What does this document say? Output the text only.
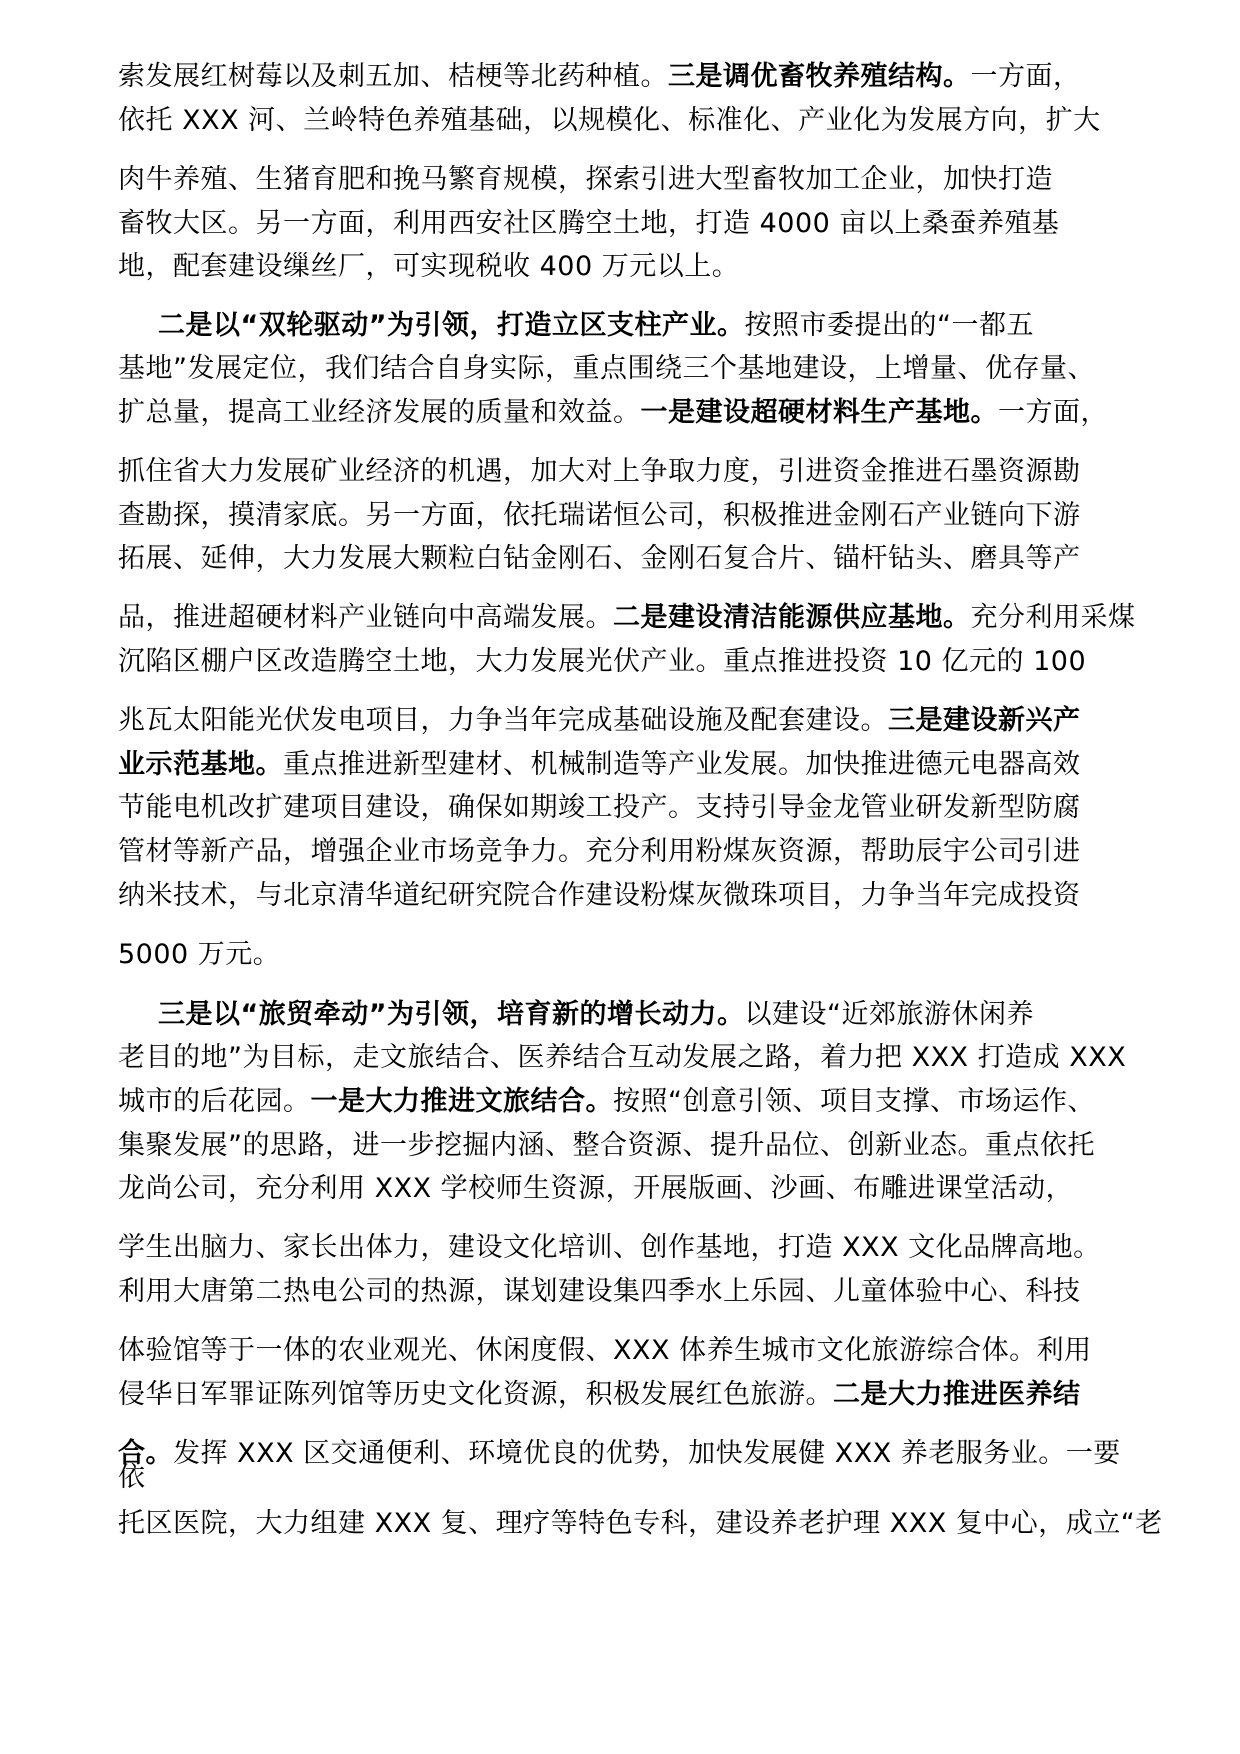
索发展红树莓以及刺五加、桔梗等北药种植。三是调优畜牧养殖结构。一方面，
依托 XXX 河、兰岭特色养殖基础，以规模化、标准化、产业化为发展方向，扩大
肉牛养殖、生猪育肥和挽马繁育规模，探索引进大型畜牧加工企业，加快打造
畜牧大区。另一方面，利用西安社区腾空土地，打造 4000 亩以上桑蚕养殖基
地，配套建设缫丝厂，可实现税收 400 万元以上。
二是以“双轮驱动”为引领，打造立区支柱产业。按照市委提出的“一都五
基地”发展定位，我们结合自身实际，重点围绕三个基地建设，上增量、优存量、
扩总量，提高工业经济发展的质量和效益。一是建设超硬材料生产基地。一方面，
抓住省大力发展矿业经济的机遇，加大对上争取力度，引进资金推进石墨资源勘
查勘探，摸清家底。另一方面，依托瑞诺恒公司，积极推进金刚石产业链向下游
拓展、延伸，大力发展大颗粒白钻金刚石、金刚石复合片、锚杆钻头、磨具等产
品，推进超硬材料产业链向中高端发展。二是建设清洁能源供应基地。充分利用采煤
沉陷区棚户区改造腾空土地，大力发展光伏产业。重点推进投资 10 亿元的 100
兆瓦太阳能光伏发电项目，力争当年完成基础设施及配套建设。三是建设新兴产
业示范基地。重点推进新型建材、机械制造等产业发展。加快推进德元电器高效
节能电机改扩建项目建设，确保如期竣工投产。支持引导金龙管业研发新型防腐
管材等新产品，增强企业市场竞争力。充分利用粉煤灰资源，帮助辰宇公司引进
纳米技术，与北京清华道纪研究院合作建设粉煤灰微珠项目，力争当年完成投资
5000 万元。
三是以“旅贸牵动”为引领，培育新的增长动力。以建设“近郊旅游休闲养
老目的地”为目标，走文旅结合、医养结合互动发展之路，着力把 XXX 打造成 XXX
城市的后花园。一是大力推进文旅结合。按照“创意引领、项目支撑、市场运作、
集聚发展”的思路，进一步挖掘内涵、整合资源、提升品位、创新业态。重点依托
龙尚公司，充分利用 XXX 学校师生资源，开展版画、沙画、布雕进课堂活动，
学生出脑力、家长出体力，建设文化培训、创作基地，打造 XXX 文化品牌高地。
利用大唐第二热电公司的热源，谋划建设集四季水上乐园、儿童体验中心、科技
体验馆等于一体的农业观光、休闲度假、XXX 体养生城市文化旅游综合体。利用
侵华日军罪证陈列馆等历史文化资源，积极发展红色旅游。二是大力推进医养结
合。发挥 XXX 区交通便利、环境优良的优势，加快发展健 XXX 养老服务业。一要
依
托区医院，大力组建 XXX 复、理疗等特色专科，建设养老护理 XXX 复中心，成立“老
